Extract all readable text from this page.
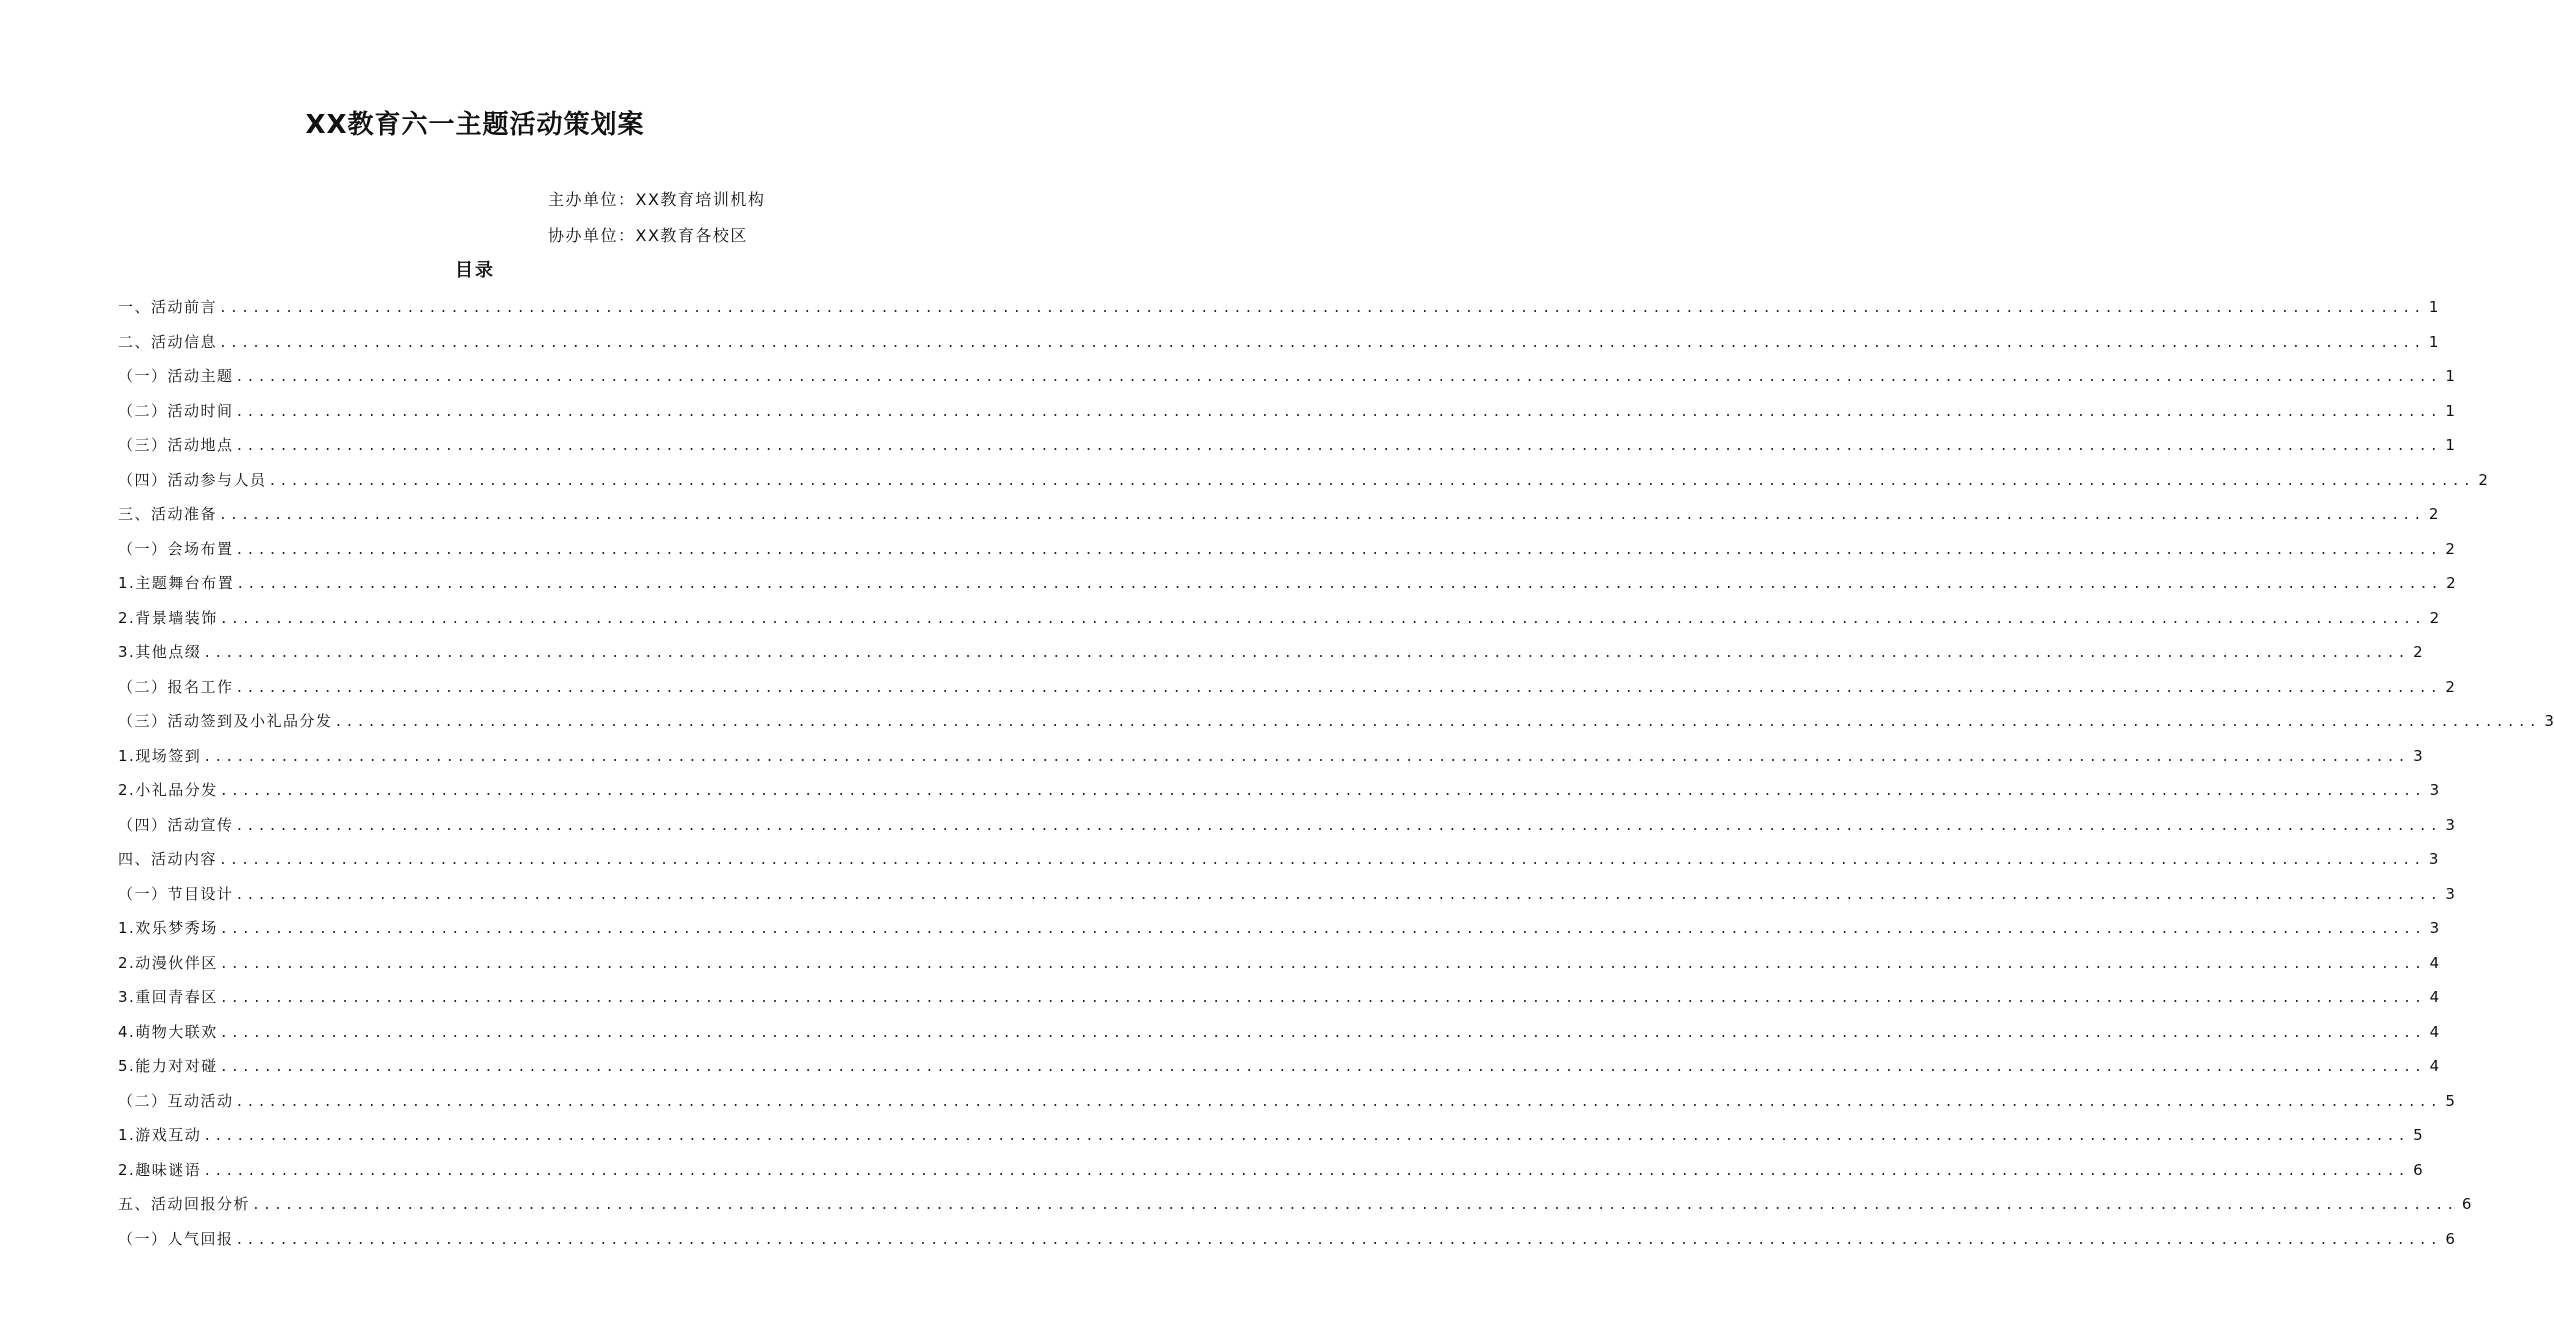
XX教育六一主题活动策划案
主办单位：XX教育培训机构
协办单位：XX教育各校区
目录
一、活动前言 ........................................................................................................................................................................................................ 1
二、活动信息 ........................................................................................................................................................................................................ 1
（一）活动主题 ........................................................................................................................................................................................................ 1
（二）活动时间 ........................................................................................................................................................................................................ 1
（三）活动地点 ........................................................................................................................................................................................................ 1
（四）活动参与人员 ........................................................................................................................................................................................................ 2
三、活动准备 ........................................................................................................................................................................................................ 2
（一）会场布置 ........................................................................................................................................................................................................ 2
1.主题舞台布置 ........................................................................................................................................................................................................ 2
2.背景墙装饰 ........................................................................................................................................................................................................ 2
3.其他点缀 ........................................................................................................................................................................................................ 2
（二）报名工作 ........................................................................................................................................................................................................ 2
（三）活动签到及小礼品分发 ........................................................................................................................................................................................................ 3
1.现场签到 ........................................................................................................................................................................................................ 3
2.小礼品分发 ........................................................................................................................................................................................................ 3
（四）活动宣传 ........................................................................................................................................................................................................ 3
四、活动内容 ........................................................................................................................................................................................................ 3
（一）节目设计 ........................................................................................................................................................................................................ 3
1.欢乐梦秀场 ........................................................................................................................................................................................................ 3
2.动漫伙伴区 ........................................................................................................................................................................................................ 4
3.重回青春区 ........................................................................................................................................................................................................ 4
4.萌物大联欢 ........................................................................................................................................................................................................ 4
5.能力对对碰 ........................................................................................................................................................................................................ 4
（二）互动活动 ........................................................................................................................................................................................................ 5
1.游戏互动 ........................................................................................................................................................................................................ 5
2.趣味谜语 ........................................................................................................................................................................................................ 6
五、活动回报分析 ........................................................................................................................................................................................................ 6
（一）人气回报 ........................................................................................................................................................................................................ 6
